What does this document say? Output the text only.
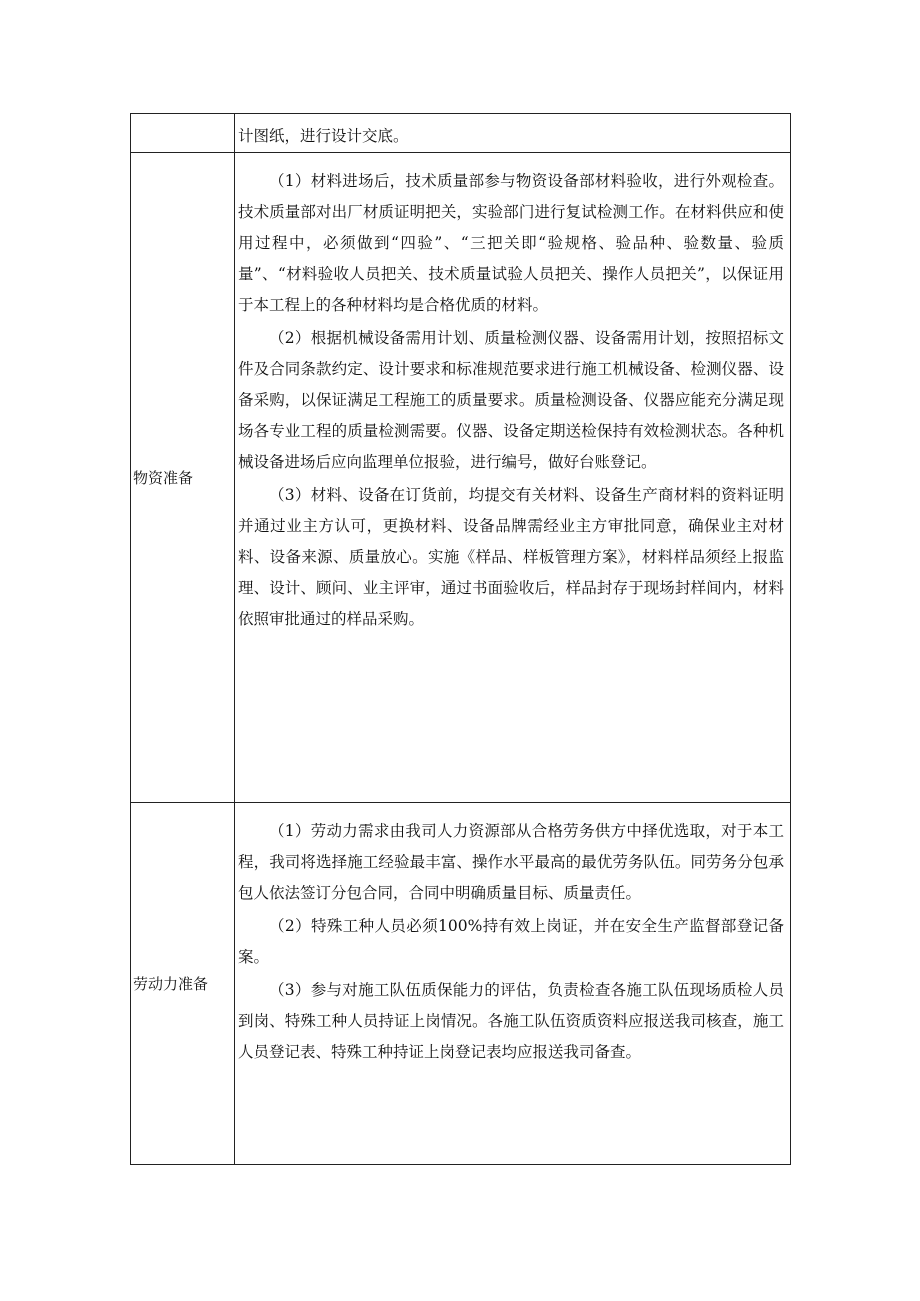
	计图纸，进行设计交底。

物资准备	（1）材料进场后，技术质量部参与物资设备部材料验收，进行外观检查。技术质量部对出厂材质证明把关，实验部门进行复试检测工作。在材料供应和使用过程中，必须做到“四验”、“三把关即“验规格、验品种、验数量、验质量”、“材料验收人员把关、技术质量试验人员把关、操作人员把关”，以保证用于本工程上的各种材料均是合格优质的材料。

（2）根据机械设备需用计划、质量检测仪器、设备需用计划，按照招标文件及合同条款约定、设计要求和标准规范要求进行施工机械设备、检测仪器、设备采购，以保证满足工程施工的质量要求。质量检测设备、仪器应能充分满足现场各专业工程的质量检测需要。仪器、设备定期送检保持有效检测状态。各种机械设备进场后应向监理单位报验，进行编号，做好台账登记。

（3）材料、设备在订货前，均提交有关材料、设备生产商材料的资料证明并通过业主方认可，更换材料、设备品牌需经业主方审批同意，确保业主对材料、设备来源、质量放心。实施《样品、样板管理方案》，材料样品须经上报监理、设计、顾问、业主评审，通过书面验收后，样品封存于现场封样间内，材料依照审批通过的样品采购。

劳动力准备	（1）劳动力需求由我司人力资源部从合格劳务供方中择优选取，对于本工程，我司将选择施工经验最丰富、操作水平最高的最优劳务队伍。同劳务分包承包人依法签订分包合同，合同中明确质量目标、质量责任。

（2）特殊工种人员必须100%持有效上岗证，并在安全生产监督部登记备案。

（3）参与对施工队伍质保能力的评估，负责检查各施工队伍现场质检人员到岗、特殊工种人员持证上岗情况。各施工队伍资质资料应报送我司核查，施工人员登记表、特殊工种持证上岗登记表均应报送我司备查。
